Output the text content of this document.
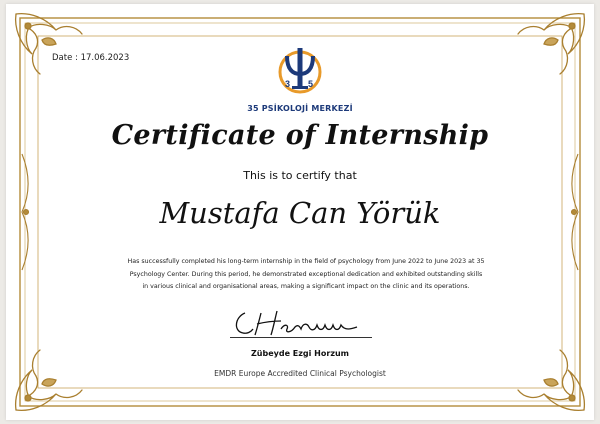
Date : 17.06.2023
3 5
35 PSİKOLOJİ MERKEZİ
Certificate of Internship
This is to certify that
Mustafa Can Yörük
Has successfully completed his long-term internship in the field of psychology from June 2022 to June 2023 at 35
Psychology Center. During this period, he demonstrated exceptional dedication and exhibited outstanding skills
in various clinical and organisational areas, making a significant impact on the clinic and its operations.
Zübeyde Ezgi Horzum
EMDR Europe Accredited Clinical Psychologist
